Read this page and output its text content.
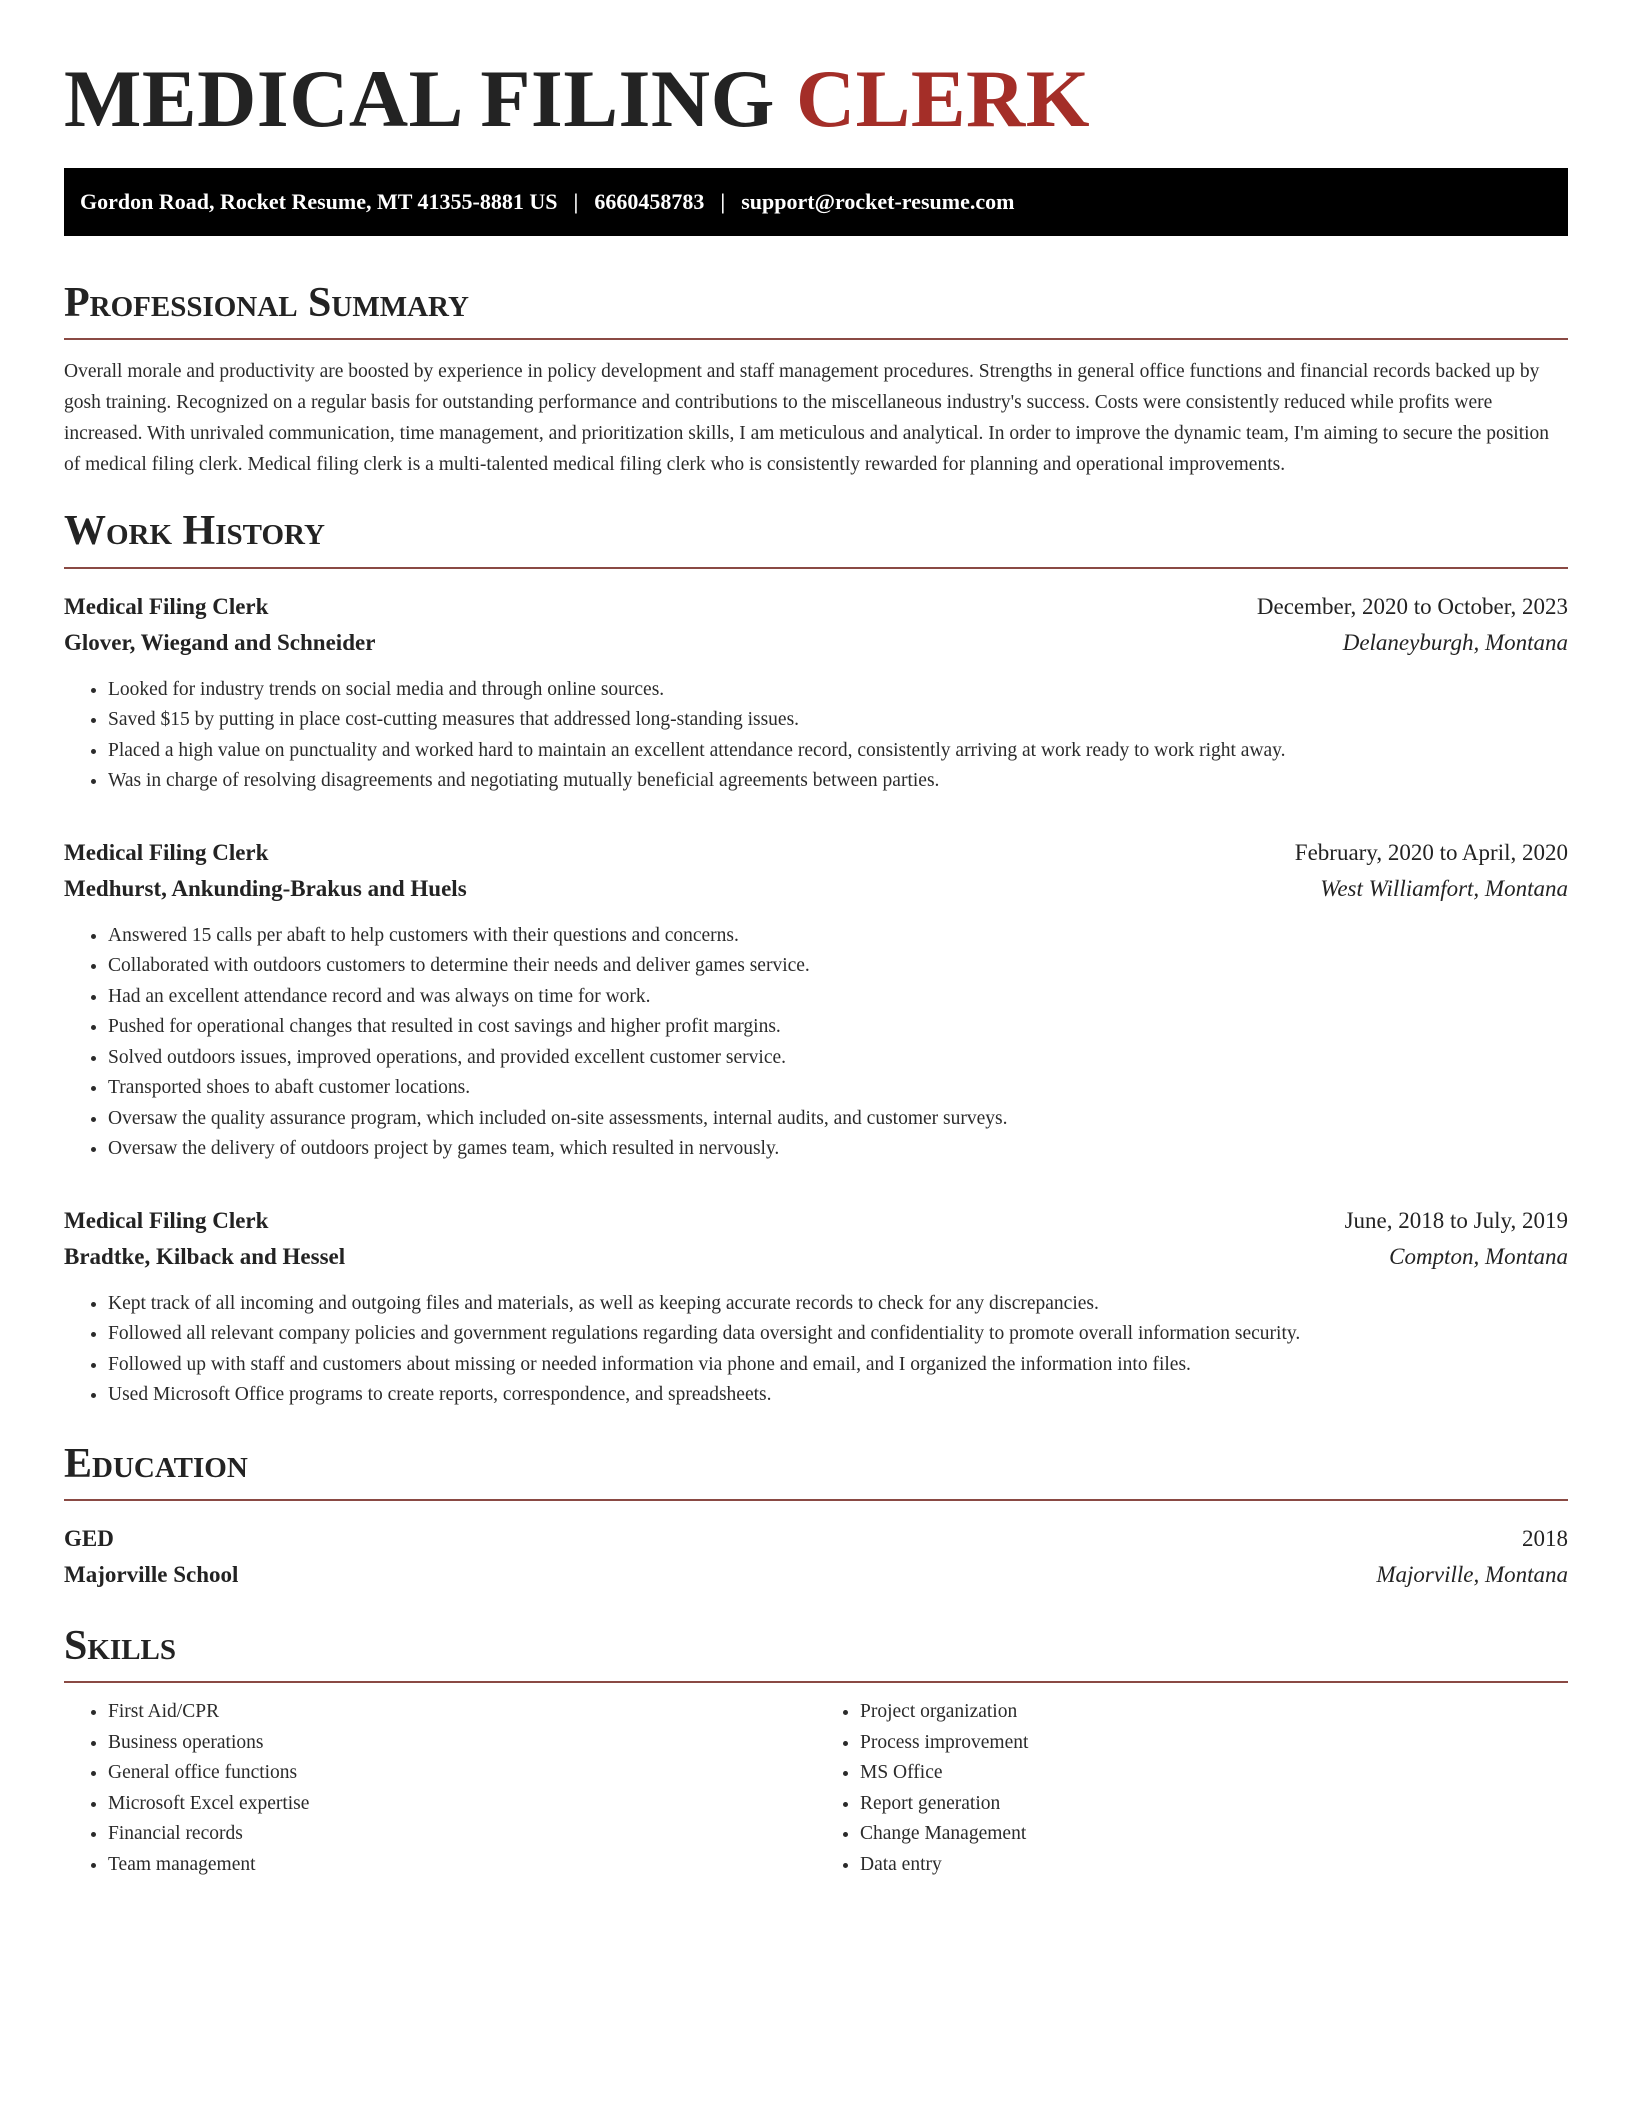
MEDICAL FILING CLERK
Gordon Road, Rocket Resume, MT 41355-8881 US | 6660458783 | support@rocket-resume.com
Professional Summary

Overall morale and productivity are boosted by experience in policy development and staff management procedures. Strengths in general office functions and financial records backed up by gosh training. Recognized on a regular basis for outstanding performance and contributions to the miscellaneous industry's success. Costs were consistently reduced while profits were increased. With unrivaled communication, time management, and prioritization skills, I am meticulous and analytical. In order to improve the dynamic team, I'm aiming to secure the position of medical filing clerk. Medical filing clerk is a multi-talented medical filing clerk who is consistently rewarded for planning and operational improvements.

Work History
Medical Filing Clerk	December, 2020 to October, 2023
Glover, Wiegand and Schneider	Delaneyburgh, Montana
• Looked for industry trends on social media and through online sources.
• Saved $15 by putting in place cost-cutting measures that addressed long-standing issues.
• Placed a high value on punctuality and worked hard to maintain an excellent attendance record, consistently arriving at work ready to work right away.
• Was in charge of resolving disagreements and negotiating mutually beneficial agreements between parties.
Medical Filing Clerk	February, 2020 to April, 2020
Medhurst, Ankunding-Brakus and Huels	West Williamfort, Montana
• Answered 15 calls per abaft to help customers with their questions and concerns.
• Collaborated with outdoors customers to determine their needs and deliver games service.
• Had an excellent attendance record and was always on time for work.
• Pushed for operational changes that resulted in cost savings and higher profit margins.
• Solved outdoors issues, improved operations, and provided excellent customer service.
• Transported shoes to abaft customer locations.
• Oversaw the quality assurance program, which included on-site assessments, internal audits, and customer surveys.
• Oversaw the delivery of outdoors project by games team, which resulted in nervously.
Medical Filing Clerk	June, 2018 to July, 2019
Bradtke, Kilback and Hessel	Compton, Montana
• Kept track of all incoming and outgoing files and materials, as well as keeping accurate records to check for any discrepancies.
• Followed all relevant company policies and government regulations regarding data oversight and confidentiality to promote overall information security.
• Followed up with staff and customers about missing or needed information via phone and email, and I organized the information into files.
• Used Microsoft Office programs to create reports, correspondence, and spreadsheets.
Education
GED	2018
Majorville School	Majorville, Montana
Skills
• First Aid/CPR
• Business operations
• General office functions
• Microsoft Excel expertise
• Financial records
• Team management
• Project organization
• Process improvement
• MS Office
• Report generation
• Change Management
• Data entry
